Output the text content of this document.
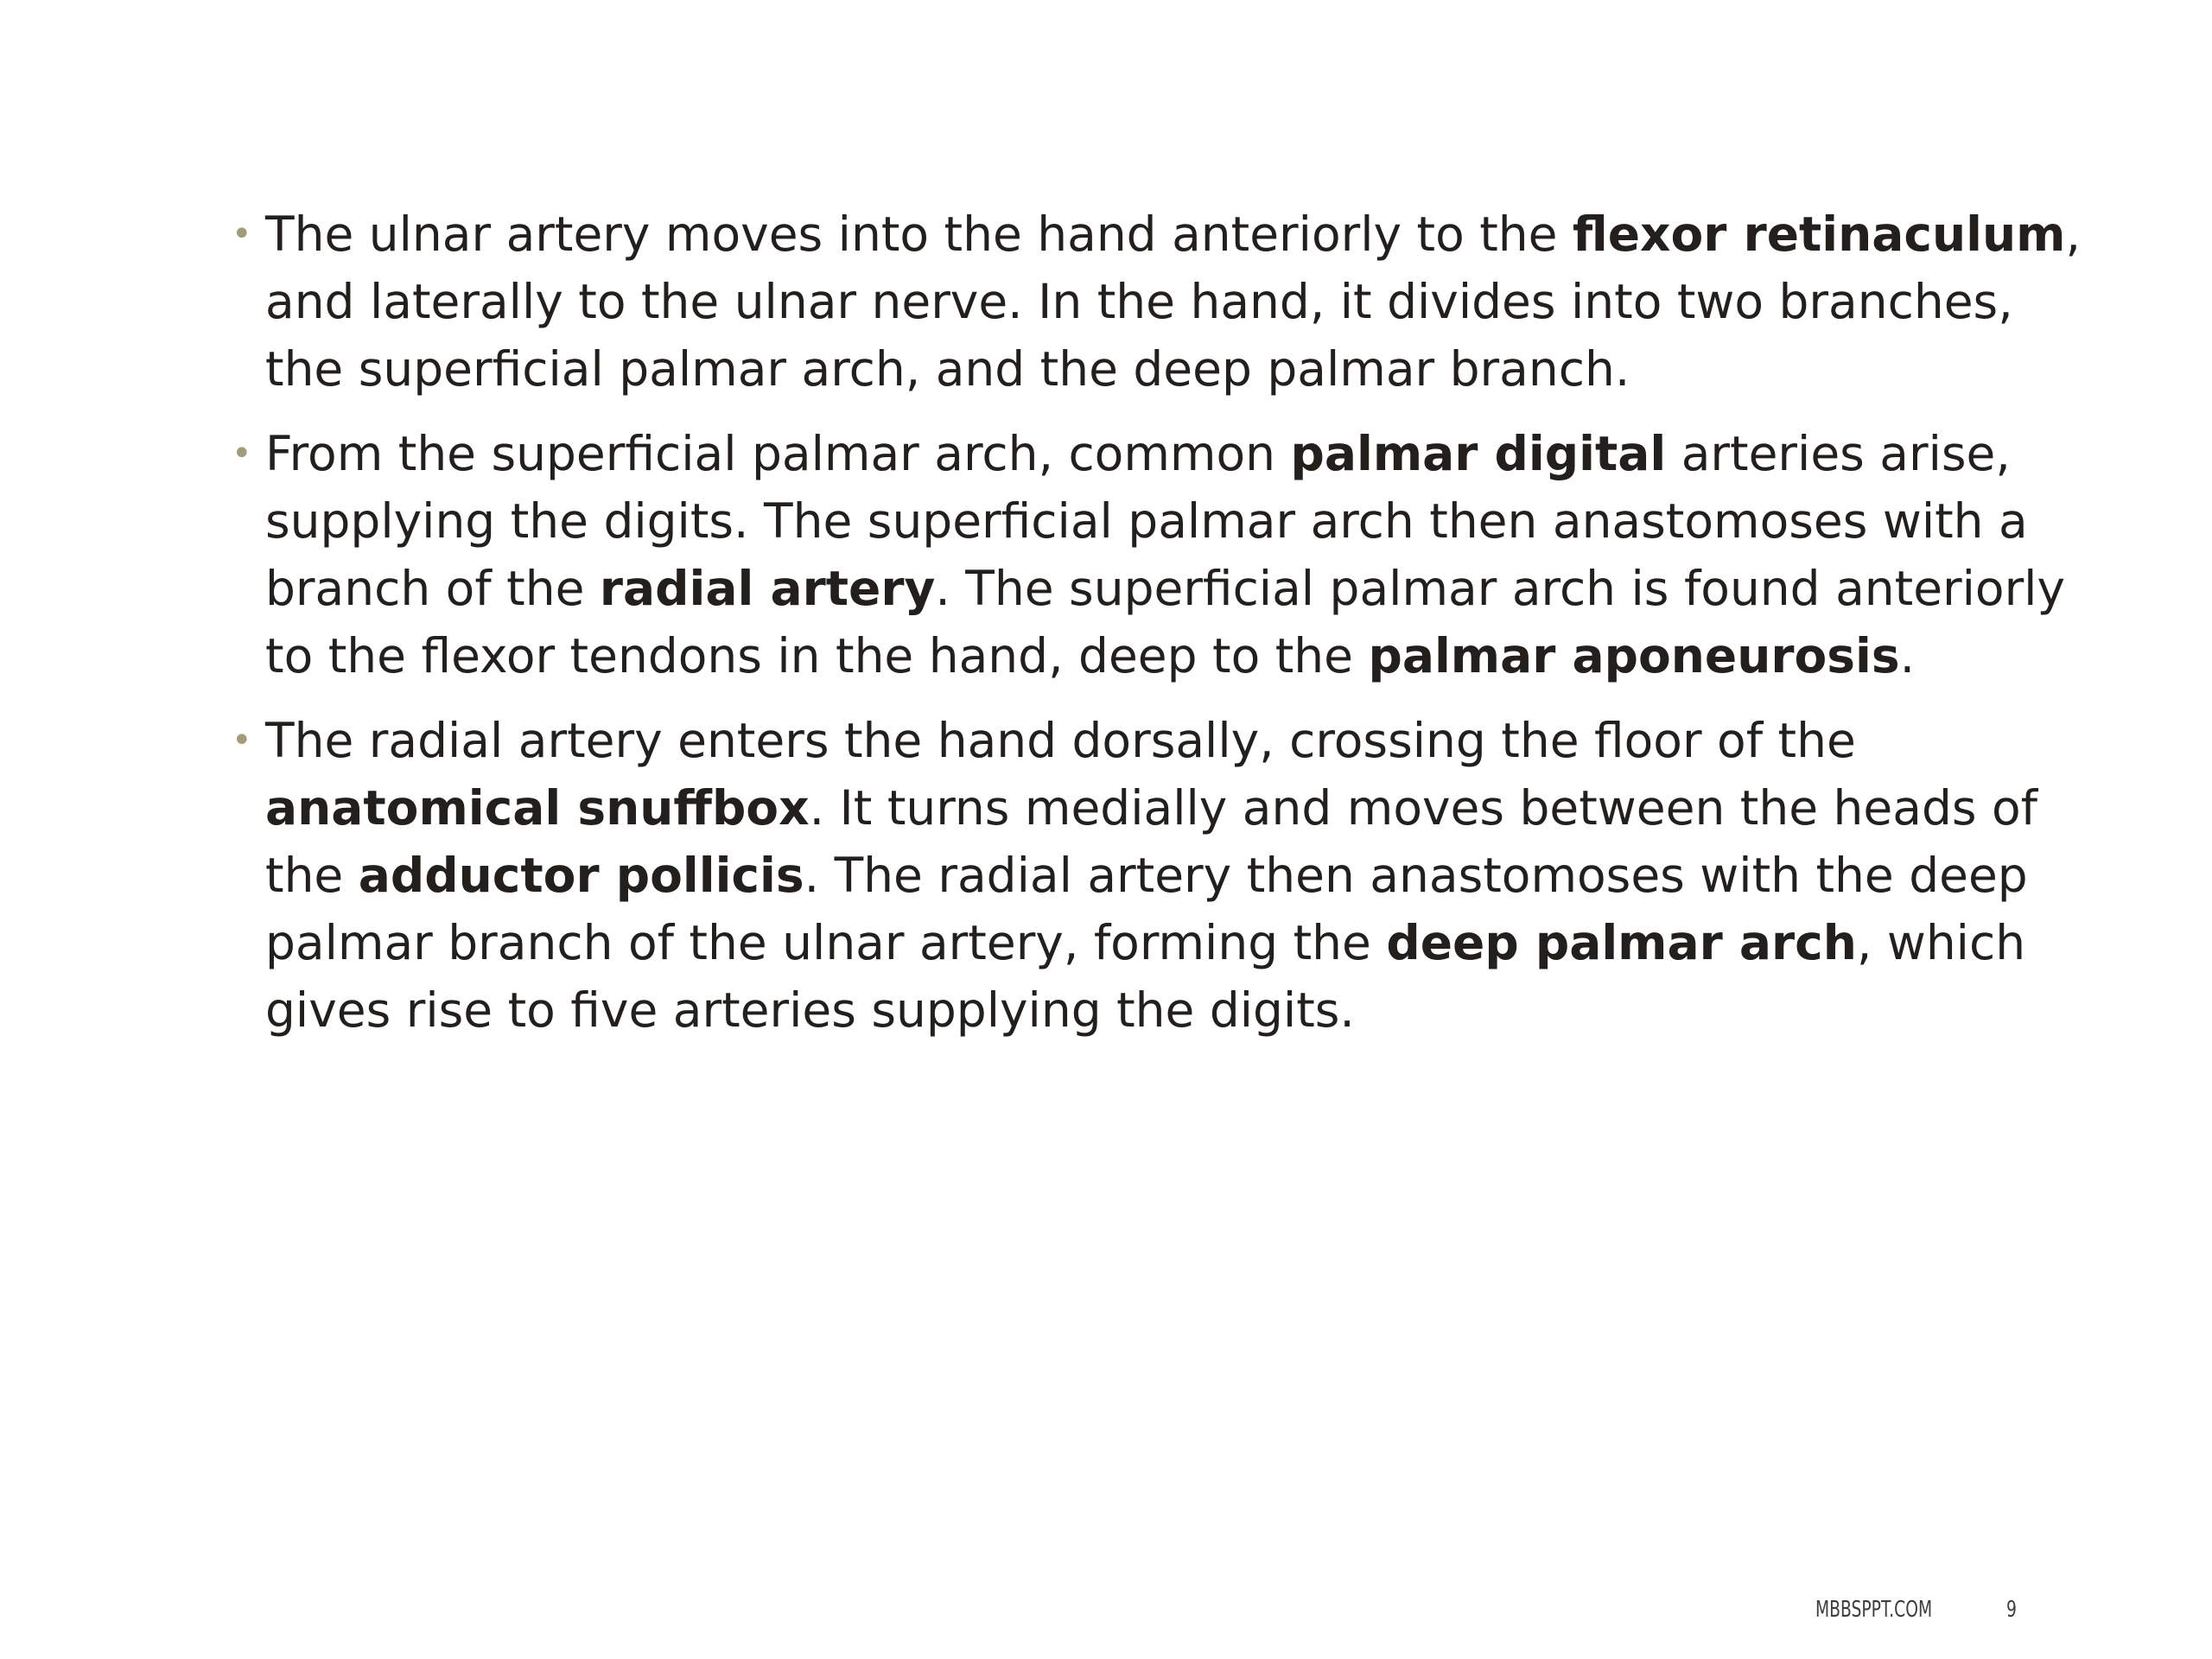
• The ulnar artery moves into the hand anteriorly to the flexor retinaculum, and laterally to the ulnar nerve. In the hand, it divides into two branches, the superficial palmar arch, and the deep palmar branch.
• From the superficial palmar arch, common palmar digital arteries arise, supplying the digits. The superficial palmar arch then anastomoses with a branch of the radial artery. The superficial palmar arch is found anteriorly to the flexor tendons in the hand, deep to the palmar aponeurosis.
• The radial artery enters the hand dorsally, crossing the floor of the anatomical snuffbox. It turns medially and moves between the heads of the adductor pollicis. The radial artery then anastomoses with the deep palmar branch of the ulnar artery, forming the deep palmar arch, which gives rise to five arteries supplying the digits.
MBBSPPT.COM	9
